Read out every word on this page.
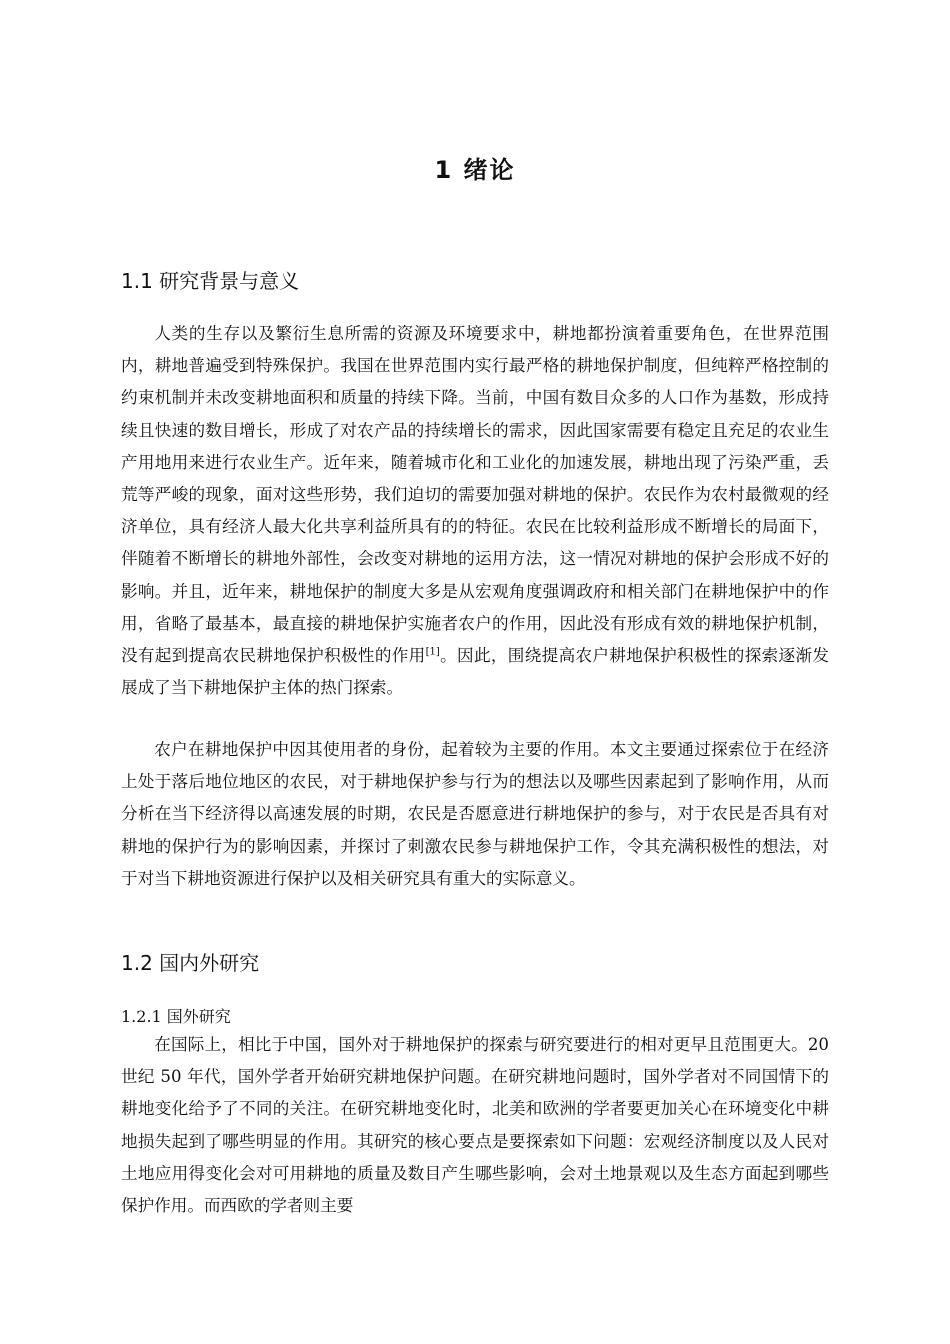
1 绪论
1.1 研究背景与意义

人类的生存以及繁衍生息所需的资源及环境要求中，耕地都扮演着重要角色，在世界范围内，耕地普遍受到特殊保护。我国在世界范围内实行最严格的耕地保护制度，但纯粹严格控制的约束机制并未改变耕地面积和质量的持续下降。当前，中国有数目众多的人口作为基数，形成持续且快速的数目增长，形成了对农产品的持续增长的需求，因此国家需要有稳定且充足的农业生产用地用来进行农业生产。近年来，随着城市化和工业化的加速发展，耕地出现了污染严重，丢荒等严峻的现象，面对这些形势，我们迫切的需要加强对耕地的保护。农民作为农村最微观的经济单位，具有经济人最大化共享利益所具有的的特征。农民在比较利益形成不断增长的局面下，伴随着不断增长的耕地外部性，会改变对耕地的运用方法，这一情况对耕地的保护会形成不好的影响。并且，近年来，耕地保护的制度大多是从宏观角度强调政府和相关部门在耕地保护中的作用，省略了最基本，最直接的耕地保护实施者农户的作用，因此没有形成有效的耕地保护机制，没有起到提高农民耕地保护积极性的作用[1]。因此，围绕提高农户耕地保护积极性的探索逐渐发展成了当下耕地保护主体的热门探索。

农户在耕地保护中因其使用者的身份，起着较为主要的作用。本文主要通过探索位于在经济上处于落后地位地区的农民，对于耕地保护参与行为的想法以及哪些因素起到了影响作用，从而分析在当下经济得以高速发展的时期，农民是否愿意进行耕地保护的参与，对于农民是否具有对耕地的保护行为的影响因素，并探讨了刺激农民参与耕地保护工作，令其充满积极性的想法，对于对当下耕地资源进行保护以及相关研究具有重大的实际意义。

1.2 国内外研究
1.2.1 国外研究

在国际上，相比于中国，国外对于耕地保护的探索与研究要进行的相对更早且范围更大。20 世纪 50 年代，国外学者开始研究耕地保护问题。在研究耕地问题时，国外学者对不同国情下的耕地变化给予了不同的关注。在研究耕地变化时，北美和欧洲的学者要更加关心在环境变化中耕地损失起到了哪些明显的作用。其研究的核心要点是要探索如下问题：宏观经济制度以及人民对土地应用得变化会对可用耕地的质量及数目产生哪些影响，会对土地景观以及生态方面起到哪些保护作用。而西欧的学者则主要
